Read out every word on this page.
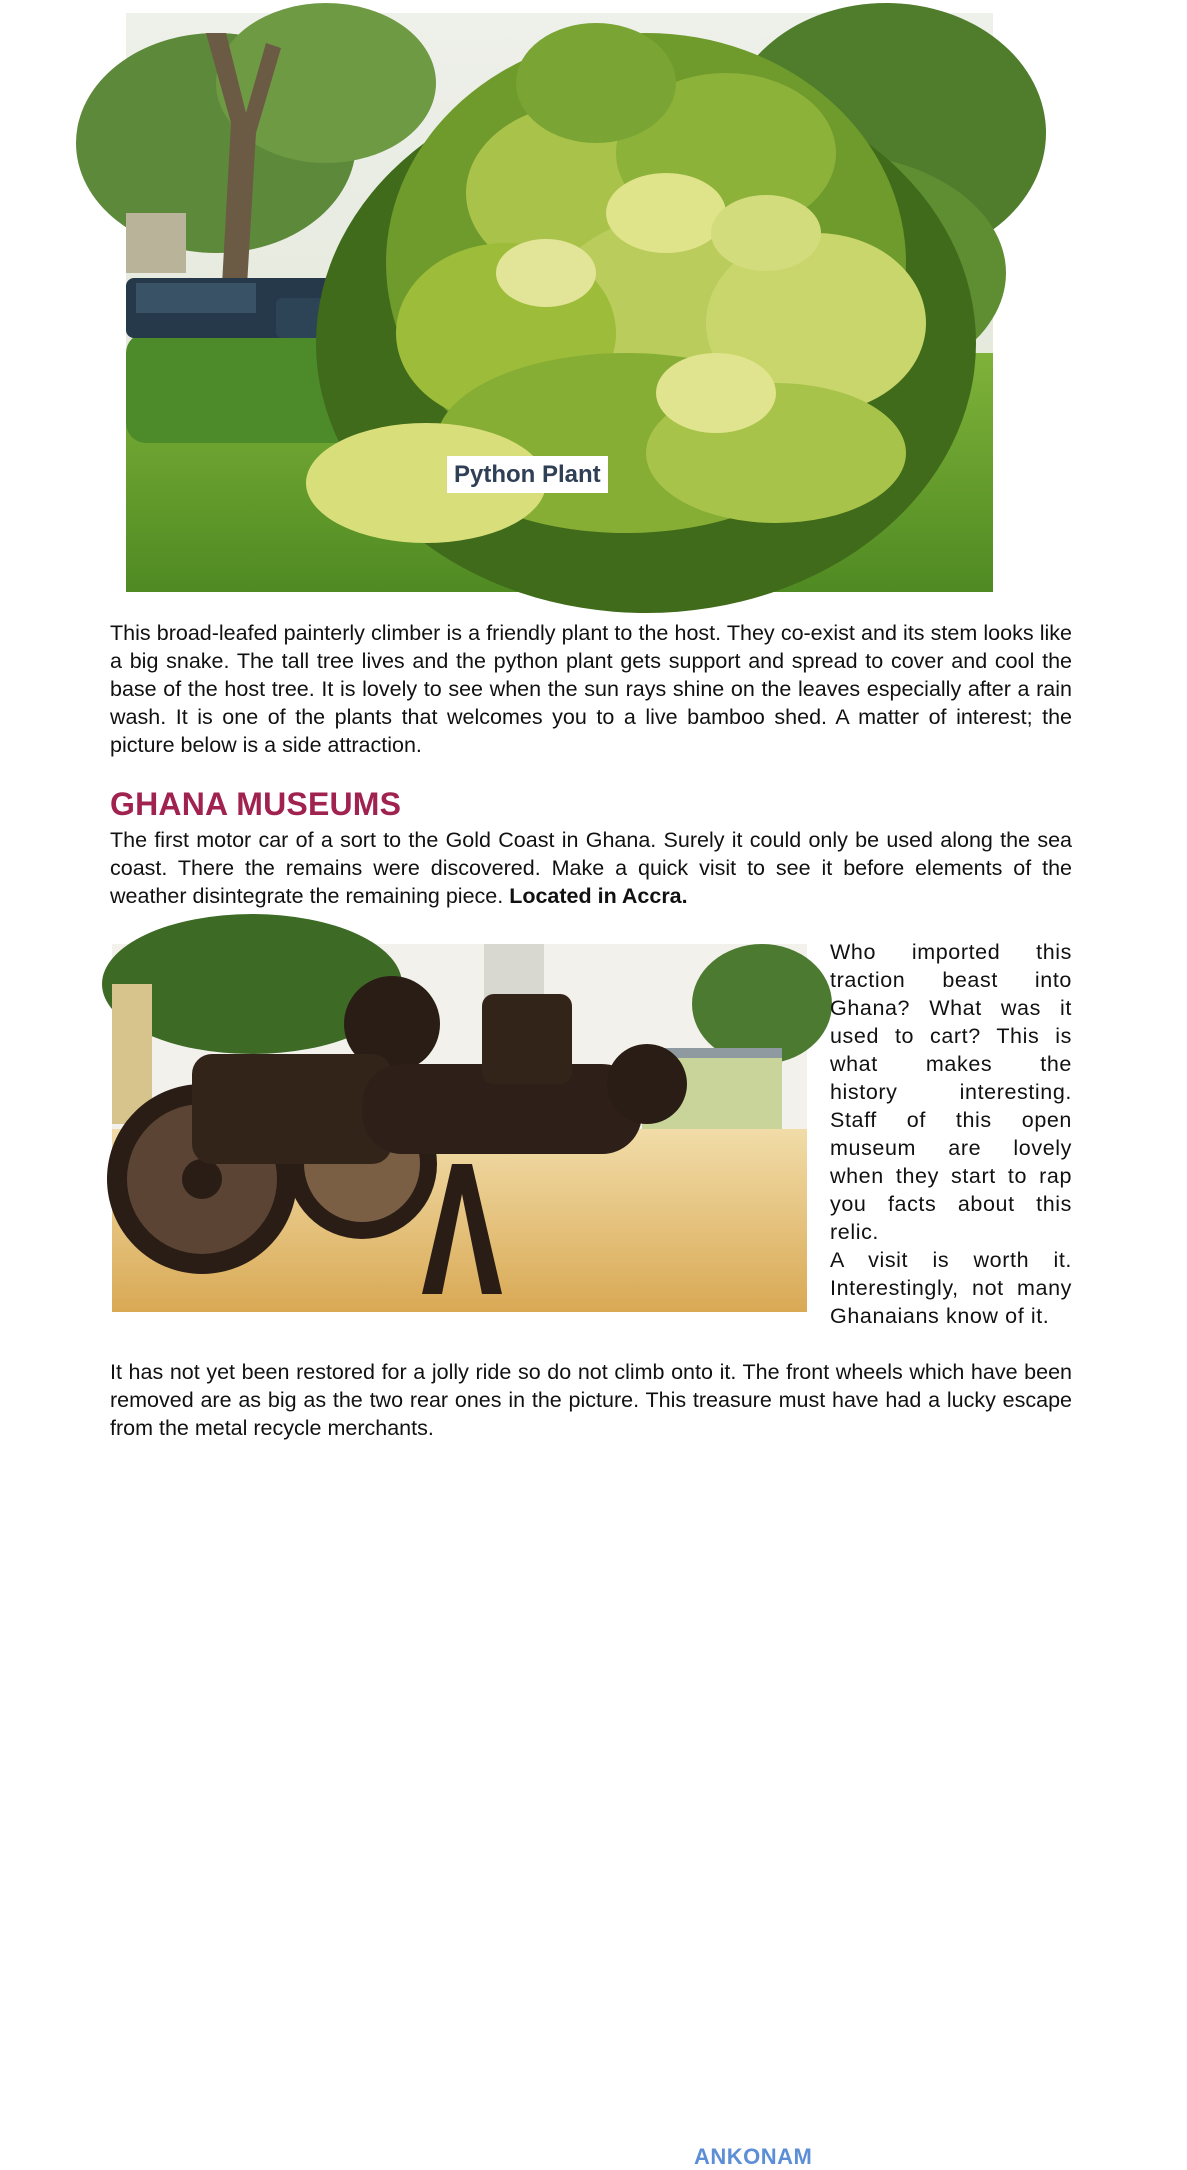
Python Plant

This broad-leafed painterly climber is a friendly plant to the host. They co-exist and its stem looks like a big snake. The tall tree lives and the python plant gets support and spread to cover and cool the base of the host tree. It is lovely to see when the sun rays shine on the leaves especially after a rain wash. It is one of the plants that welcomes you to a live bamboo shed. A matter of interest; the picture below is a side attraction.

GHANA MUSEUMS

The first motor car of a sort to the Gold Coast in Ghana. Surely it could only be used along the sea coast. There the remains were discovered. Make a quick visit to see it before elements of the weather disintegrate the remaining piece. Located in Accra.

ANKONAM

Who imported this
traction beast into
Ghana? What was it
used to cart? This is
what makes the
history interesting.
Staff of this open
museum are lovely
when they start to rap
you facts about this
relic.
A visit is worth it.
Interestingly, not many
Ghanaians know of it.

It has not yet been restored for a jolly ride so do not climb onto it. The front wheels which have been removed are as big as the two rear ones in the picture. This treasure must have had a lucky escape from the metal recycle merchants.
